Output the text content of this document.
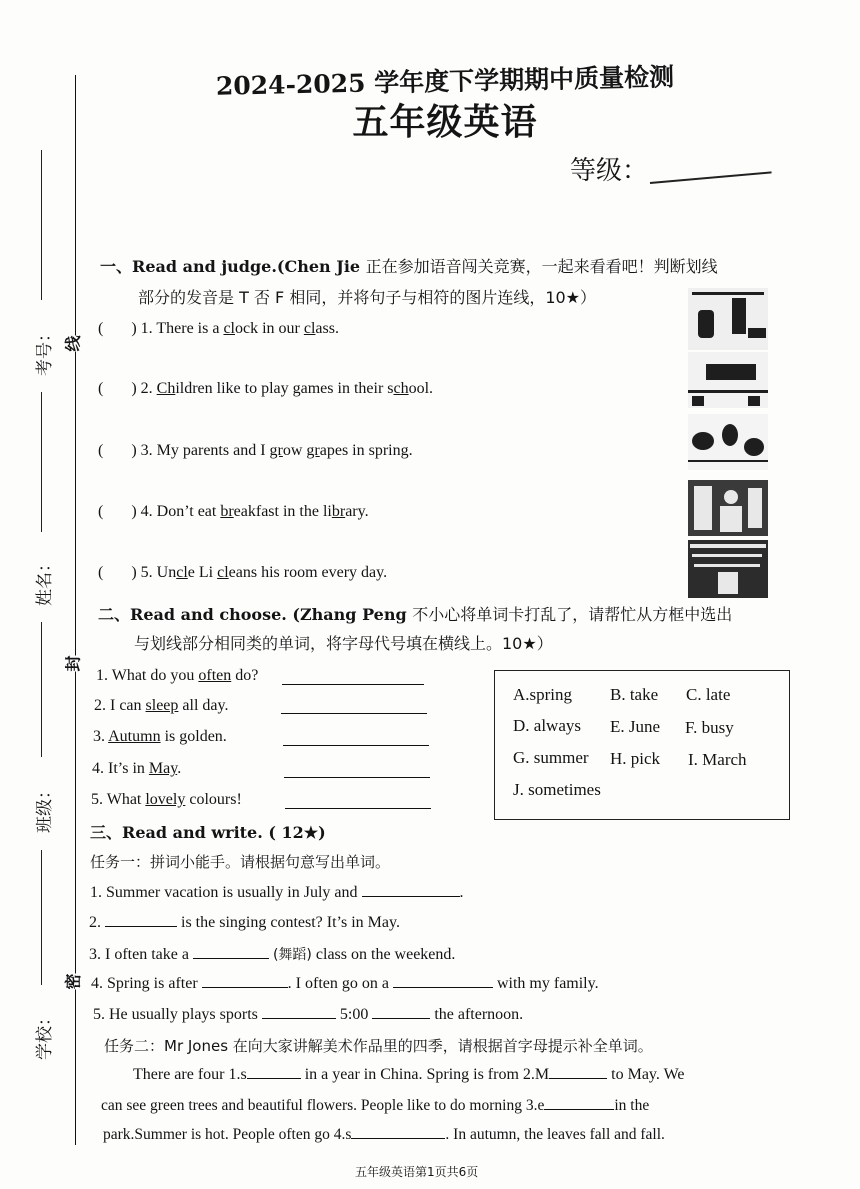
2024-2025 学年度下学期期中质量检测
五年级英语
等级：
考号：
姓名：
班级：
学校：
线
封
密
一、Read and judge.(Chen Jie 正在参加语音闯关竞赛，一起来看看吧！判断划线
部分的发音是 T 否 F 相同，并将句子与相符的图片连线，10★）
( ) 1. There is a clock in our class.
( ) 2. Children like to play games in their school.
( ) 3. My parents and I grow grapes in spring.
( ) 4. Don’t eat breakfast in the library.
( ) 5. Uncle Li cleans his room every day.
二、Read and choose. (Zhang Peng 不小心将单词卡打乱了，请帮忙从方框中选出
与划线部分相同类的单词，将字母代号填在横线上。10★）
1. What do you often do?
2. I can sleep all day.
3. Autumn is golden.
4. It’s in May.
5. What lovely colours!
A.spring B. take C. late
D. always E. June F. busy
G. summer H. pick I. March
J. sometimes
三、Read and write. ( 12★)
任务一：拼词小能手。请根据句意写出单词。
1. Summer vacation is usually in July and	.
2.	is the singing contest? It’s in May.
3. I often take a	(舞蹈) class on the weekend.
4. Spring is after	. I often go on a	with my family.
5. He usually plays sports	5:00	the afternoon.
任务二：Mr Jones 在向大家讲解美术作品里的四季，请根据首字母提示补全单词。
There are four 1.s	in a year in China. Spring is from 2.M	to May. We
can see green trees and beautiful flowers. People like to do morning 3.e	in the
park.Summer is hot. People often go 4.s	. In autumn, the leaves fall and fall.
五年级英语第1页共6页
